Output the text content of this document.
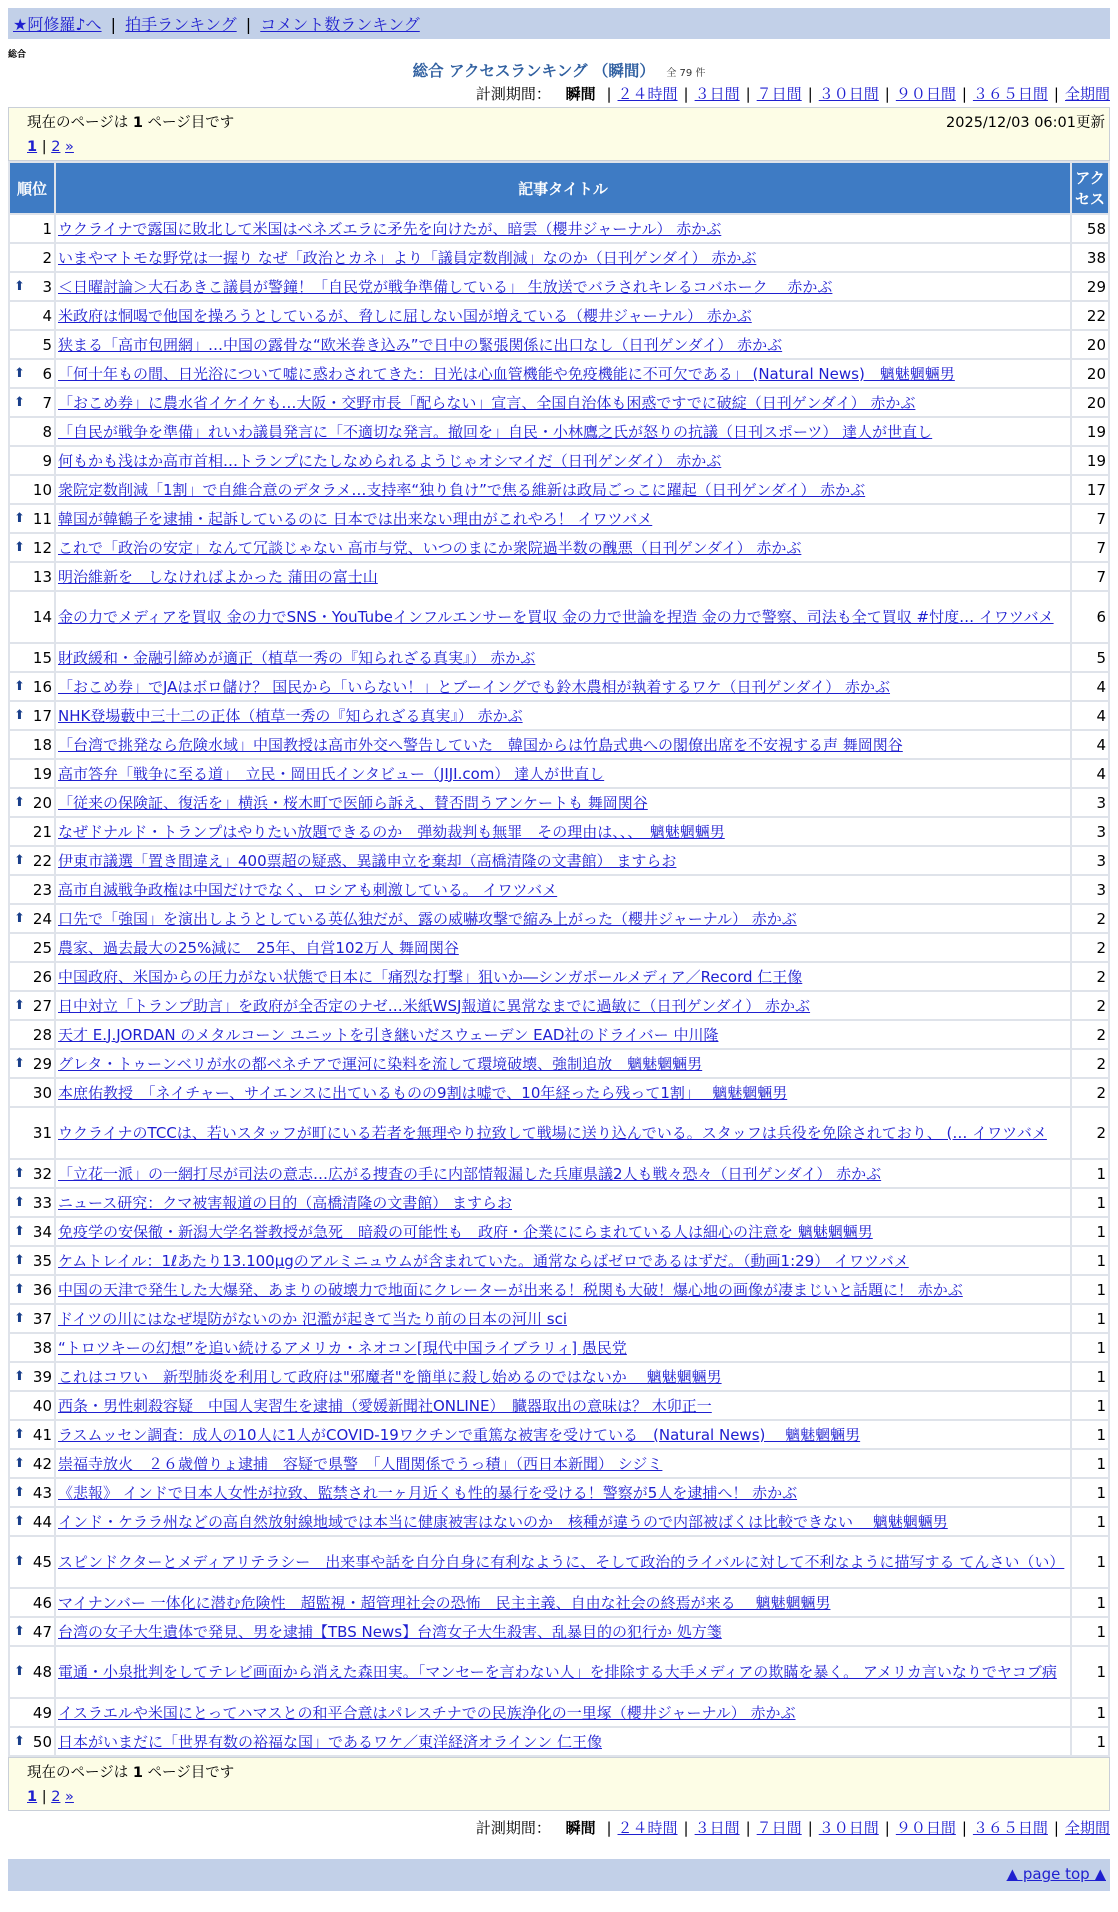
★阿修羅♪へ | 拍手ランキング | コメント数ランキング
総合
総合 アクセスランキング （瞬間） 全 79 件
計測期間： 瞬間 | ２４時間 | ３日間 | ７日間 | ３０日間 | ９０日間 | ３６５日間 | 全期間
現在のページは 1 ページ目です	2025/12/03 06:01更新
1 | 2 »
順位	記事タイトル	アクセス
1	ウクライナで露国に敗北して米国はベネズエラに矛先を向けたが、暗雲（櫻井ジャーナル） 赤かぶ	58
2	いまやマトモな野党は一握り なぜ「政治とカネ」より「議員定数削減」なのか（日刊ゲンダイ） 赤かぶ	38

⬆ 3	＜日曜討論＞大石あきこ議員が警鐘！「自民党が戦争準備している」 生放送でバラされキレるコバホーク　 赤かぶ	29
4	米政府は恫喝で他国を操ろうとしているが、脅しに屈しない国が増えている（櫻井ジャーナル） 赤かぶ	22
5	狭まる「高市包囲網」…中国の露骨な“欧米巻き込み”で日中の緊張関係に出口なし（日刊ゲンダイ） 赤かぶ	20

⬆ 6	「何十年もの間、日光浴について嘘に惑わされてきた：日光は心血管機能や免疫機能に不可欠である」 (Natural News)　魑魅魍魎男	20

⬆ 7	「おこめ券」に農水省イケイケも…大阪・交野市長「配らない」宣言、全国自治体も困惑ですでに破綻（日刊ゲンダイ） 赤かぶ	20
8	「自民が戦争を準備」れいわ議員発言に「不適切な発言。撤回を」自民・小林鷹之氏が怒りの抗議（日刊スポーツ） 達人が世直し	19
9	何もかも浅はか高市首相…トランプにたしなめられるようじゃオシマイだ（日刊ゲンダイ） 赤かぶ	19
10	衆院定数削減「1割」で自維合意のデタラメ…支持率“独り負け”で焦る維新は政局ごっこに躍起（日刊ゲンダイ） 赤かぶ	17

⬆ 11	韓国が韓鶴子を逮捕・起訴しているのに 日本では出来ない理由がこれやろ！ イワツバメ	7

⬆ 12	これで「政治の安定」なんて冗談じゃない 高市与党、いつのまにか衆院過半数の醜悪（日刊ゲンダイ） 赤かぶ	7
13	明治維新を　しなければよかった 蒲田の富士山	7
14	金の力でメディアを買収 金の力でSNS・YouTubeインフルエンサーを買収 金の力で世論を捏造 金の力で警察、司法も全て買収 #忖度… イワツバメ	6
15	財政緩和・金融引締めが適正（植草一秀の『知られざる真実』） 赤かぶ	5

⬆ 16	「おこめ券」でJAはボロ儲け？ 国民から「いらない！」とブーイングでも鈴木農相が執着するワケ（日刊ゲンダイ） 赤かぶ	4

⬆ 17	NHK登場藪中三十二の正体（植草一秀の『知られざる真実』） 赤かぶ	4
18	「台湾で挑発なら危険水域」中国教授は高市外交へ警告していた　韓国からは竹島式典への閣僚出席を不安視する声 舞岡関谷	4
19	高市答弁「戦争に至る道」　立民・岡田氏インタビュー（JIJI.com） 達人が世直し	4

⬆ 20	「従来の保険証、復活を」横浜・桜木町で医師ら訴え、賛否問うアンケートも 舞岡関谷	3
21	なぜドナルド・トランプはやりたい放題できるのか　弾劾裁判も無罪　その理由は、、、　魑魅魍魎男	3

⬆ 22	伊東市議選「置き間違え」400票超の疑惑、異議申立を棄却（高橋清隆の文書館） ますらお	3
23	高市自滅戦争政権は中国だけでなく、ロシアも刺激している。 イワツバメ	3

⬆ 24	口先で「強国」を演出しようとしている英仏独だが、露の威嚇攻撃で縮み上がった（櫻井ジャーナル） 赤かぶ	2
25	農家、過去最大の25%減に　25年、自営102万人 舞岡関谷	2
26	中国政府、米国からの圧力がない状態で日本に「痛烈な打撃」狙いか―シンガポールメディア／Record 仁王像	2

⬆ 27	日中対立「トランプ助言」を政府が全否定のナゼ…米紙WSJ報道に異常なまでに過敏に（日刊ゲンダイ） 赤かぶ	2
28	天才 E.J.JORDAN のメタルコーン ユニットを引き継いだスウェーデン EAD社のドライバー 中川隆	2

⬆ 29	グレタ・トゥーンベリが水の都ベネチアで運河に染料を流して環境破壊、強制追放　魑魅魍魎男	2
30	本庶佑教授　「ネイチャー、サイエンスに出ているものの9割は嘘で、10年経ったら残って1割」　 魑魅魍魎男	2
31	ウクライナのTCCは、若いスタッフが町にいる若者を無理やり拉致して戦場に送り込んでいる。スタッフは兵役を免除されており、 (… イワツバメ	2

⬆ 32	「立花一派」の一網打尽が司法の意志…広がる捜査の手に内部情報漏した兵庫県議2人も戦々恐々（日刊ゲンダイ） 赤かぶ	1

⬆ 33	ニュース研究：クマ被害報道の目的（高橋清隆の文書館） ますらお	1

⬆ 34	免疫学の安保徹・新潟大学名誉教授が急死　暗殺の可能性も　政府・企業ににらまれている人は細心の注意を 魑魅魍魎男	1

⬆ 35	ケムトレイル：1ℓあたり13.100μgのアルミニュウムが含まれていた。通常ならばゼロであるはずだ。（動画1:29） イワツバメ	1

⬆ 36	中国の天津で発生した大爆発、あまりの破壊力で地面にクレーターが出来る！税関も大破！爆心地の画像が凄まじいと話題に！ 赤かぶ	1

⬆ 37	ドイツの川にはなぜ堤防がないのか 氾濫が起きて当たり前の日本の河川 sci	1
38	“トロツキーの幻想”を追い続けるアメリカ・ネオコン[現代中国ライブラリィ] 愚民党	1

⬆ 39	これはコワい　新型肺炎を利用して政府は"邪魔者"を簡単に殺し始めるのではないか　 魑魅魍魎男	1
40	西条・男性刺殺容疑　中国人実習生を逮捕（愛媛新聞社ONLINE）　臓器取出の意味は？ 木卯正一	1

⬆ 41	ラスムッセン調査：成人の10人に1人がCOVID-19ワクチンで重篤な被害を受けている　(Natural News)　 魑魅魍魎男	1

⬆ 42	崇福寺放火　２６歳僧りょ逮捕　容疑で県警　「人間関係でうっ積」（西日本新聞） シジミ	1

⬆ 43	《悲報》 インドで日本人女性が拉致、監禁され一ヶ月近くも性的暴行を受ける！警察が5人を逮捕へ！ 赤かぶ	1

⬆ 44	インド・ケララ州などの高自然放射線地域では本当に健康被害はないのか　核種が違うので内部被ばくは比較できない　 魑魅魍魎男	1

⬆ 45	スピンドクターとメディアリテラシー　出来事や話を自分自身に有利なように、そして政治的ライバルに対して不利なように描写する てんさい（い）	1
46	マイナンバー 一体化に潜む危険性　超監視・超管理社会の恐怖　民主主義、自由な社会の終焉が来る　 魑魅魍魎男	1

⬆ 47	台湾の女子大生遺体で発見、男を逮捕【TBS News】台湾女子大生殺害、乱暴目的の犯行か 処方箋	1

⬆ 48	電通・小泉批判をしてテレビ画面から消えた森田実。「マンセーを言わない人」を排除する大手メディアの欺瞞を暴く。 アメリカ言いなりでヤコブ病	1
49	イスラエルや米国にとってハマスとの和平合意はパレスチナでの民族浄化の一里塚（櫻井ジャーナル） 赤かぶ	1

⬆ 50	日本がいまだに「世界有数の裕福な国」であるワケ／東洋経済オラインン 仁王像	1
現在のページは 1 ページ目です
1 | 2 »
計測期間： 瞬間 | ２４時間 | ３日間 | ７日間 | ３０日間 | ９０日間 | ３６５日間 | 全期間
▲ page top ▲
